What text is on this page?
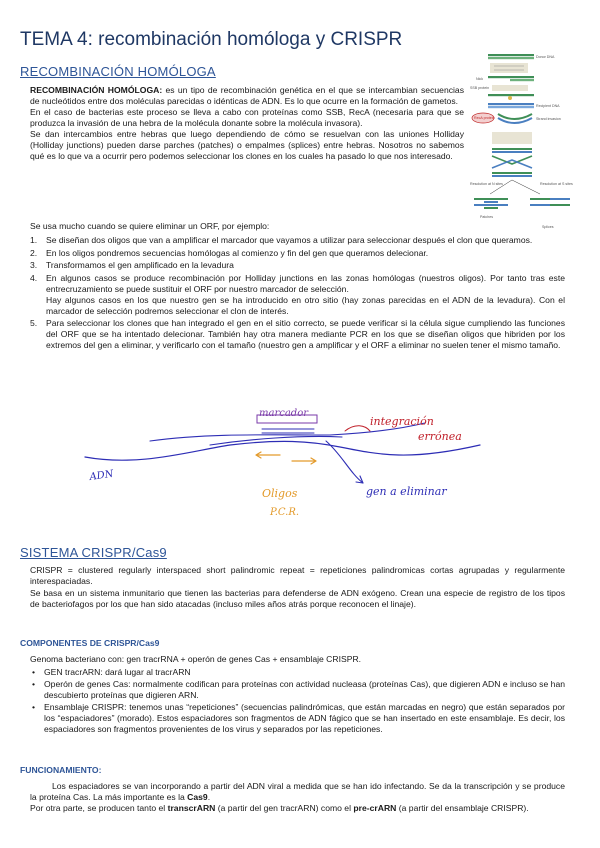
TEMA 4: recombinación homóloga y CRISPR
RECOMBINACIÓN HOMÓLOGA
RECOMBINACIÓN HOMÓLOGA: es un tipo de recombinación genética en el que se intercambian secuencias de nucleótidos entre dos moléculas parecidas o idénticas de ADN. Es lo que ocurre en la formación de gametos.
En el caso de bacterias este proceso se lleva a cabo con proteínas como SSB, RecA (necesaria para que se produzca la invasión de una hebra de la molécula donante sobre la molécula invasora).
Se dan intercambios entre hebras que luego dependiendo de cómo se resuelvan con las uniones Holliday (Holliday junctions) pueden darse parches (patches) o empalmes (splices) entre hebras. Nosotros no sabemos qué es lo que va a ocurrir pero podemos seleccionar los clones en los cuales ha pasado lo que nos interesado.
Se usa mucho cuando se quiere eliminar un ORF, por ejemplo:
1. Se diseñan dos oligos que van a amplificar el marcador que vayamos a utilizar para seleccionar después el clon que queramos.
2. En los oligos pondremos secuencias homólogas al comienzo y fin del gen que queramos delecionar.
3. Transformamos el gen amplificado en la levadura
4. En algunos casos se produce recombinación por Holliday junctions en las zonas homólogas (nuestros oligos). Por tanto tras este entrecruzamiento se puede sustituir el ORF por nuestro marcador de selección.
Hay algunos casos en los que nuestro gen se ha introducido en otro sitio (hay zonas parecidas en el ADN de la levadura). Con el marcador de selección podremos seleccionar el clon de interés.
5. Para seleccionar los clones que han integrado el gen en el sitio correcto, se puede verificar si la célula sigue cumpliendo las funciones del ORF que se ha intentado delecionar. También hay otra manera mediante PCR en los que se diseñan oligos que hibriden por los extremos del gen a eliminar, y verificarlo con el tamaño (nuestro gen a amplificar y el ORF a eliminar no suelen tener el mismo tamaño.
Donor DNA
Nick
SSB protein
Recipient DNA
RecA protein	Strand invasion
Resolution at N sites	Resolution at S sites
Patches
Splices
marcador
integración
errónea
ADN
Oligos
P.C.R.
gen a eliminar
SISTEMA CRISPR/Cas9
CRISPR = clustered regularly interspaced short palindromic repeat = repeticiones palindromicas cortas agrupadas y regularmente interespaciadas.
Se basa en un sistema inmunitario que tienen las bacterias para defenderse de ADN exógeno. Crean una especie de registro de los tipos de bacteriofagos por los que han sido atacadas (incluso miles años atrás porque reconocen el linaje).
COMPONENTES DE CRISPR/Cas9
Genoma bacteriano con: gen tracrRNA + operón de genes Cas + ensamblaje CRISPR.
• GEN tracrARN: dará lugar al tracrARN
• Operón de genes Cas: normalmente codifican para proteínas con actividad nucleasa (proteínas Cas), que digieren ADN e incluso se han descubierto proteínas que digieren ARN.
• Ensamblaje CRISPR: tenemos unas “repeticiones” (secuencias palindrómicas, que están marcadas en negro) que están separados por los “espaciadores” (morado). Estos espaciadores son fragmentos de ADN fágico que se han insertado en este ensamblaje. Es decir, los espaciadores son fragmentos provenientes de los virus y separados por las repeticiones.
FUNCIONAMIENTO:
Los espaciadores se van incorporando a partir del ADN viral a medida que se han ido infectando. Se da la transcripción y se produce la proteína Cas. La más importante es la Cas9.
Por otra parte, se producen tanto el transcrARN (a partir del gen tracrARN) como el pre-crARN (a partir del ensamblaje CRISPR).
